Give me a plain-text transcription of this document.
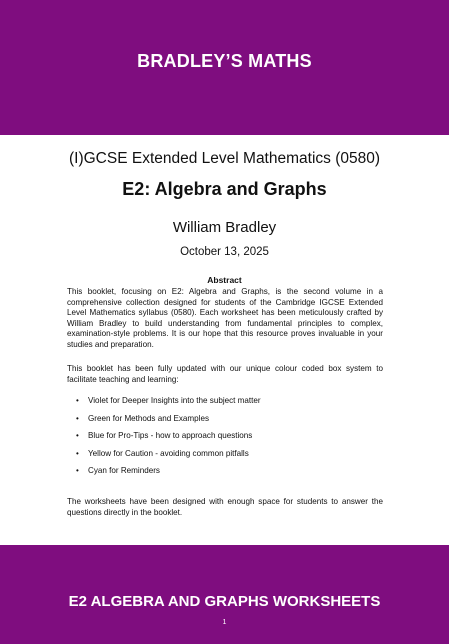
BRADLEY’S MATHS
(I)GCSE Extended Level Mathematics (0580)
E2: Algebra and Graphs
William Bradley
October 13, 2025
Abstract

This booklet, focusing on E2: Algebra and Graphs, is the second volume in a comprehensive collection designed for students of the Cambridge IGCSE Extended Level Mathematics syllabus (0580). Each worksheet has been meticulously crafted by William Bradley to build understanding from fundamental principles to complex, examination-style problems. It is our hope that this resource proves invaluable in your studies and preparation.

This booklet has been fully updated with our unique colour coded box system to facilitate teaching and learning:

• Violet for Deeper Insights into the subject matter
• Green for Methods and Examples
• Blue for Pro-Tips - how to approach questions
• Yellow for Caution - avoiding common pitfalls
• Cyan for Reminders

The worksheets have been designed with enough space for students to answer the questions directly in the booklet.

E2 ALGEBRA AND GRAPHS WORKSHEETS
1
